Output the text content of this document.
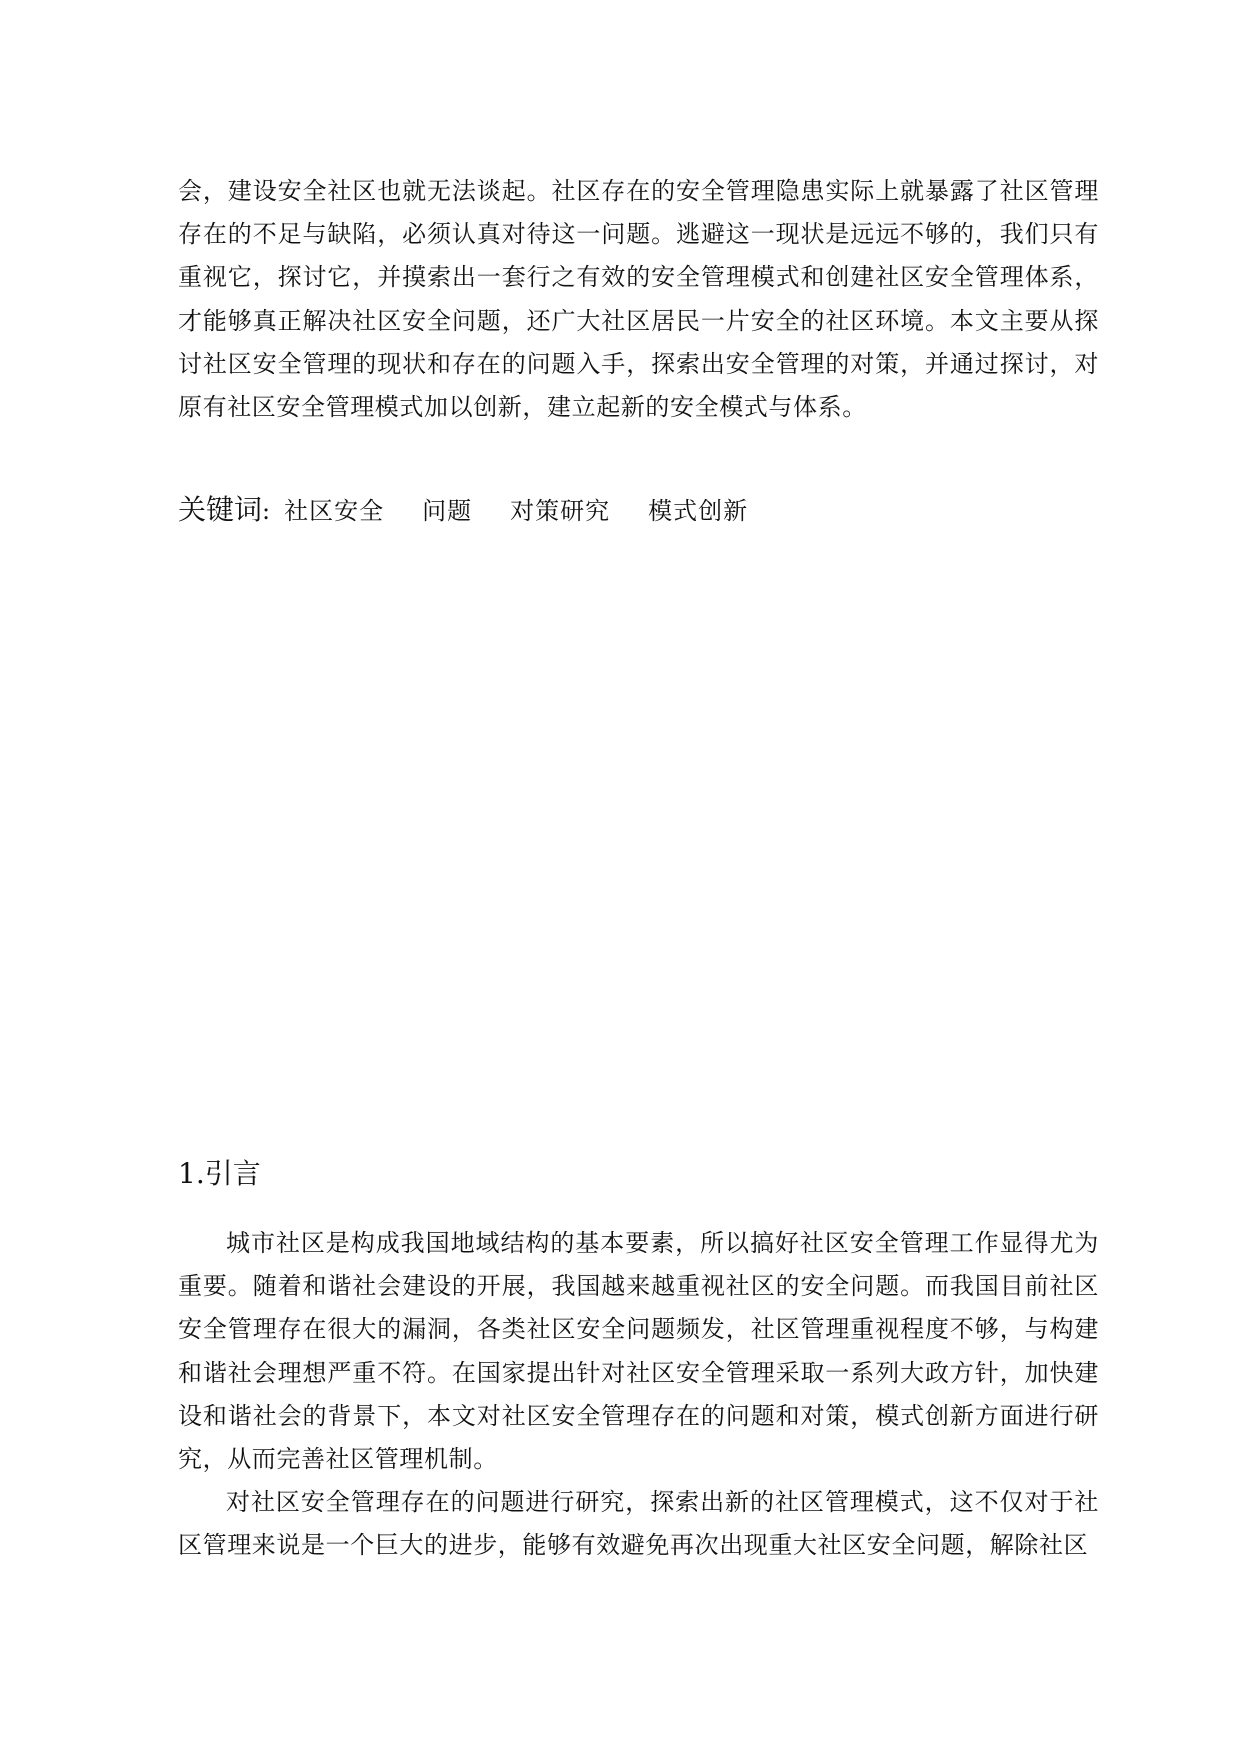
会，建设安全社区也就无法谈起。社区存在的安全管理隐患实际上就暴露了社区管理存在的不足与缺陷，必须认真对待这一问题。逃避这一现状是远远不够的，我们只有重视它，探讨它，并摸索出一套行之有效的安全管理模式和创建社区安全管理体系，才能够真正解决社区安全问题，还广大社区居民一片安全的社区环境。本文主要从探讨社区安全管理的现状和存在的问题入手，探索出安全管理的对策，并通过探讨，对原有社区安全管理模式加以创新，建立起新的安全模式与体系。

关键词 : 社区安全 问题 对策研究 模式创新
1.引言

城市社区是构成我国地域结构的基本要素，所以搞好社区安全管理工作显得尤为重要。随着和谐社会建设的开展，我国越来越重视社区的安全问题。而我国目前社区安全管理存在很大的漏洞，各类社区安全问题频发，社区管理重视程度不够，与构建和谐社会理想严重不符。在国家提出针对社区安全管理采取一系列大政方针，加快建设和谐社会的背景下，本文对社区安全管理存在的问题和对策，模式创新方面进行研究，从而完善社区管理机制。

对社区安全管理存在的问题进行研究，探索出新的社区管理模式，这不仅对于社区管理来说是一个巨大的进步，能够有效避免再次出现重大社区安全问题，解除社区
